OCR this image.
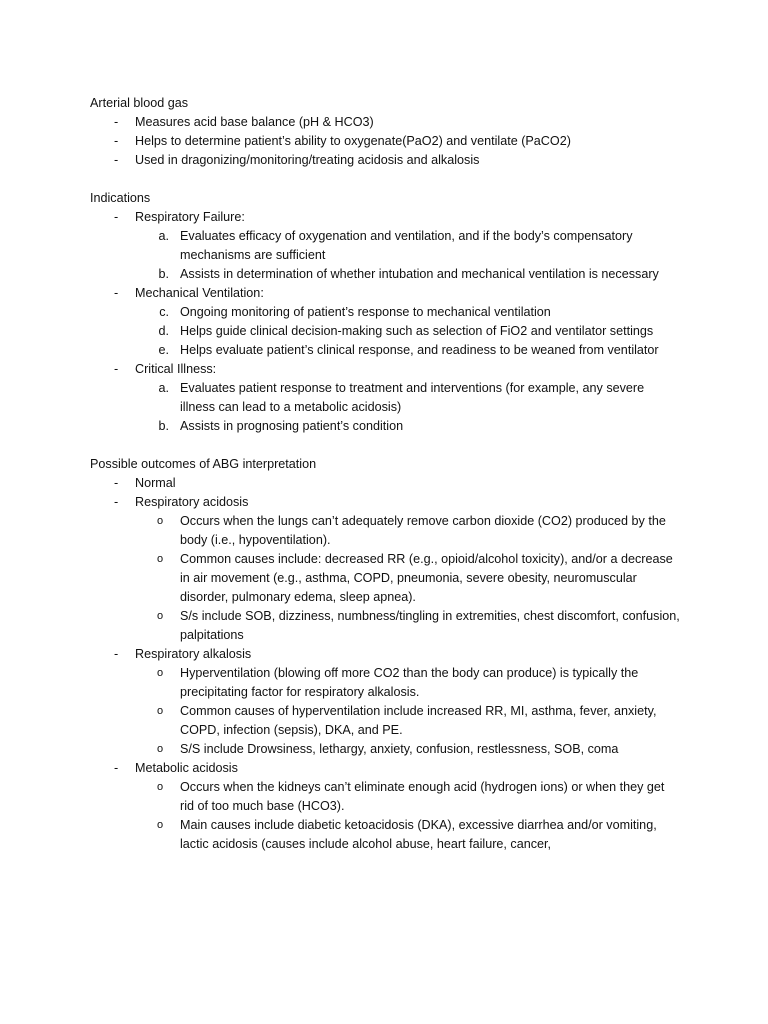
Arterial blood gas

- Measures acid base balance (pH & HCO3)
- Helps to determine patient’s ability to oxygenate(PaO2) and ventilate (PaCO2)
- Used in dragonizing/monitoring/treating acidosis and alkalosis

Indications

- Respiratory Failure:
a. Evaluates efficacy of oxygenation and ventilation, and if the body’s compensatory mechanisms are sufficient
b. Assists in determination of whether intubation and mechanical ventilation is necessary
- Mechanical Ventilation:
c. Ongoing monitoring of patient’s response to mechanical ventilation
d. Helps guide clinical decision-making such as selection of FiO2 and ventilator settings
e. Helps evaluate patient’s clinical response, and readiness to be weaned from ventilator
- Critical Illness:
a. Evaluates patient response to treatment and interventions (for example, any severe illness can lead to a metabolic acidosis)
b. Assists in prognosing patient’s condition

Possible outcomes of ABG interpretation

- Normal
- Respiratory acidosis
o Occurs when the lungs can’t adequately remove carbon dioxide (CO2) produced by the body (i.e., hypoventilation).
o Common causes include: decreased RR (e.g., opioid/alcohol toxicity), and/or a decrease in air movement (e.g., asthma, COPD, pneumonia, severe obesity, neuromuscular disorder, pulmonary edema, sleep apnea).
o S/s include SOB, dizziness, numbness/tingling in extremities, chest discomfort, confusion, palpitations
- Respiratory alkalosis
o Hyperventilation (blowing off more CO2 than the body can produce) is typically the precipitating factor for respiratory alkalosis.
o Common causes of hyperventilation include increased RR, MI, asthma, fever, anxiety, COPD, infection (sepsis), DKA, and PE.
o S/S include Drowsiness, lethargy, anxiety, confusion, restlessness, SOB, coma
- Metabolic acidosis
o Occurs when the kidneys can’t eliminate enough acid (hydrogen ions) or when they get rid of too much base (HCO3).
o Main causes include diabetic ketoacidosis (DKA), excessive diarrhea and/or vomiting, lactic acidosis (causes include alcohol abuse, heart failure, cancer,
